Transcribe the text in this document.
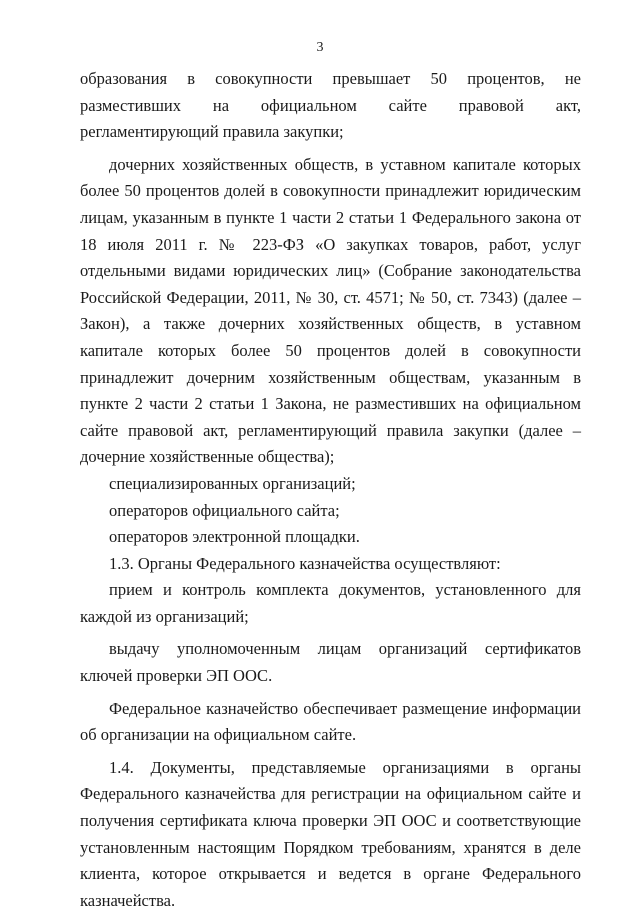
3

образования в совокупности превышает 50 процентов, не разместивших на официальном сайте правовой акт, регламентирующий правила закупки;

дочерних хозяйственных обществ, в уставном капитале которых более 50 процентов долей в совокупности принадлежит юридическим лицам, указанным в пункте 1 части 2 статьи 1 Федерального закона от 18 июля 2011 г. № 223-ФЗ «О закупках товаров, работ, услуг отдельными видами юридических лиц» (Собрание законодательства Российской Федерации, 2011, № 30, ст. 4571; № 50, ст. 7343) (далее – Закон), а также дочерних хозяйственных обществ, в уставном капитале которых более 50 процентов долей в совокупности принадлежит дочерним хозяйственным обществам, указанным в пункте 2 части 2 статьи 1 Закона, не разместивших на официальном сайте правовой акт, регламентирующий правила закупки (далее – дочерние хозяйственные общества);

специализированных организаций;

операторов официального сайта;

операторов электронной площадки.

1.3. Органы Федерального казначейства осуществляют:

прием и контроль комплекта документов, установленного для каждой из организаций;

выдачу уполномоченным лицам организаций сертификатов ключей проверки ЭП ООС.

Федеральное казначейство обеспечивает размещение информации об организации на официальном сайте.

1.4. Документы, представляемые организациями в органы Федерального казначейства для регистрации на официальном сайте и получения сертификата ключа проверки ЭП ООС и соответствующие установленным настоящим Порядком требованиям, хранятся в деле клиента, которое открывается и ведется в органе Федерального казначейства.
